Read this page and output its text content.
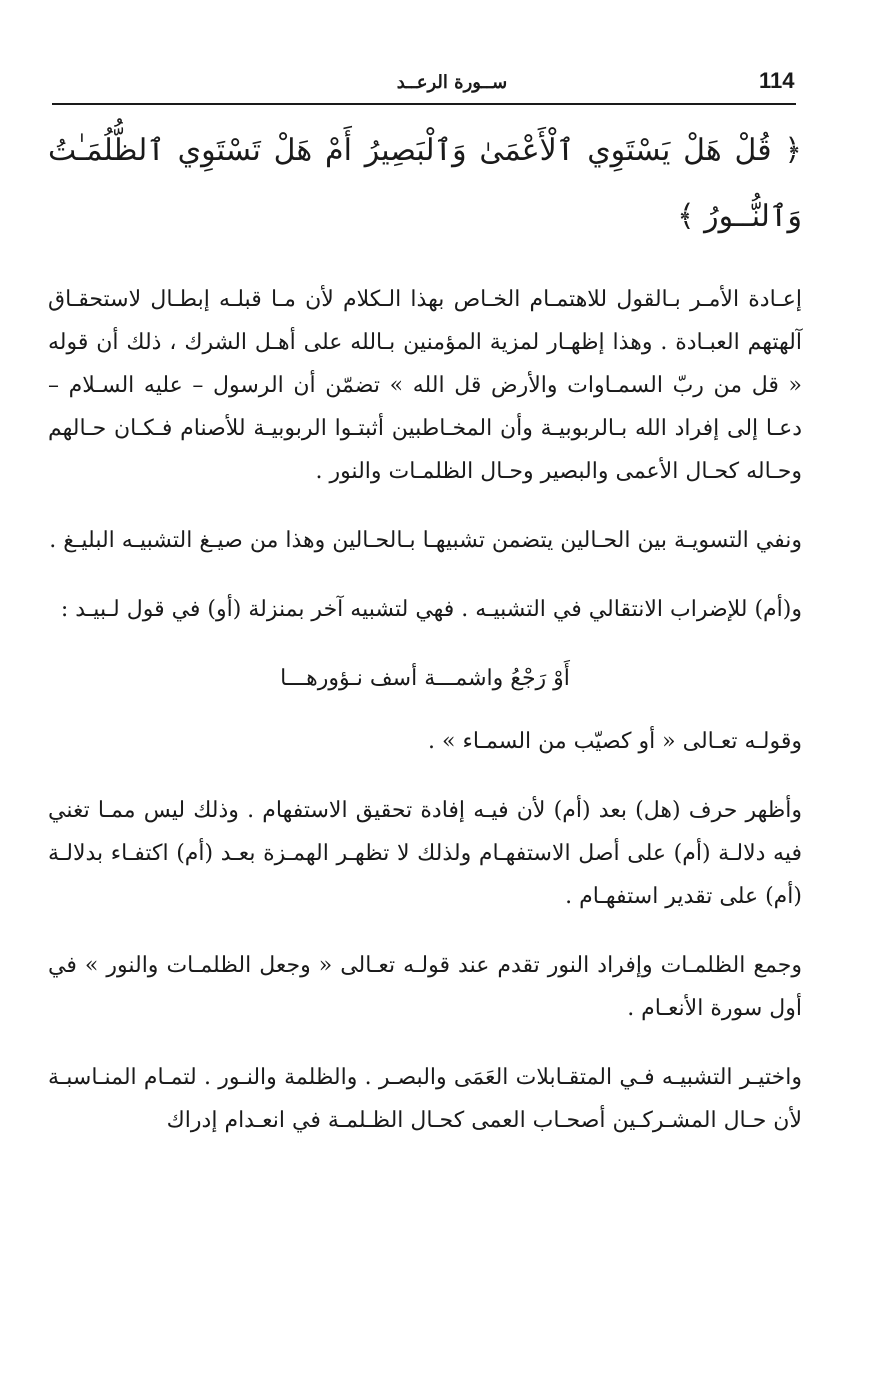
114
ســورة الرعــد

﴿ قُلْ هَلْ يَسْتَوِي ٱلْأَعْمَىٰ وَٱلْبَصِيرُ أَمْ هَلْ تَسْتَوِي ٱلظُّلُمَـٰتُ وَٱلنُّــورُ ﴾

إعـادة الأمـر بـالقول للاهتمـام الخـاص بهذا الـكلام لأن مـا قبلـه إبطـال لاستحقـاق آلهتهم العبـادة . وهذا إظهـار لمزية المؤمنين بـالله على أهـل الشرك ، ذلك أن قوله « قل من ربّ السمـاوات والأرض قل الله » تضمّن أن الرسول – عليه السـلام – دعـا إلى إفراد الله بـالربوبيـة وأن المخـاطبين أثبتـوا الربوبيـة للأصنام فـكـان حـالهم وحـاله كحـال الأعمى والبصير وحـال الظلمـات والنور .

ونفي التسويـة بين الحـالين يتضمن تشبيهـا بـالحـالين وهذا من صيـغ التشبيـه البليـغ .

و(أم) للإضراب الانتقالي في التشبيـه . فهي لتشبيه آخر بمنزلة (أو) في قول لـبيـد :

أَوْ رَجْعُ واشمـــة أسف نـؤورهـــا

وقولـه تعـالى « أو كصيّب من السمـاء » .

وأظهر حرف (هل) بعد (أم) لأن فيـه إفادة تحقيق الاستفهام . وذلك ليس ممـا تغني فيه دلالـة (أم) على أصل الاستفهـام ولذلك لا تظهـر الهمـزة بعـد (أم) اكتفـاء بدلالـة (أم) على تقدير استفهـام .

وجمع الظلمـات وإفراد النور تقدم عند قولـه تعـالى « وجعل الظلمـات والنور » في أول سورة الأنعـام .

واختيـر التشبيـه فـي المتقـابلات العَمَى والبصـر . والظلمة والنـور . لتمـام المنـاسبـة لأن حـال المشـركـين أصحـاب العمى كحـال الظـلمـة في انعـدام إدراك
